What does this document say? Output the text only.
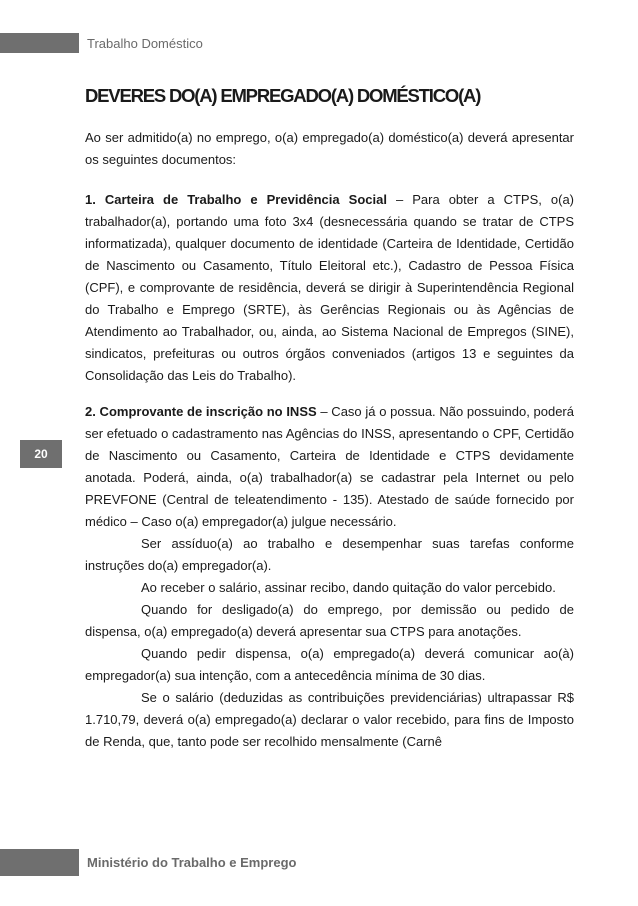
Trabalho Doméstico
20
DEVERES DO(A) EMPREGADO(A) DOMÉSTICO(A)
Ao ser admitido(a) no emprego, o(a) empregado(a) doméstico(a) deverá apresentar os seguintes documentos:

1. Carteira de Trabalho e Previdência Social – Para obter a CTPS, o(a) trabalhador(a), portando uma foto 3x4 (desnecessária quando se tratar de CTPS informatizada), qualquer documento de identidade (Carteira de Identidade, Certidão de Nascimento ou Casamento, Título Eleitoral etc.), Cadastro de Pessoa Física (CPF), e comprovante de residência, deverá se dirigir à Superintendência Regional do Trabalho e Emprego (SRTE), às Gerências Regionais ou às Agências de Atendimento ao Trabalhador, ou, ainda, ao Sistema Nacional de Empregos (SINE), sindicatos, prefeituras ou outros órgãos conveniados (artigos 13 e seguintes da Consolidação das Leis do Trabalho).

2. Comprovante de inscrição no INSS – Caso já o possua. Não possuindo, poderá ser efetuado o cadastramento nas Agências do INSS, apresentando o CPF, Certidão de Nascimento ou Casamento, Carteira de Identidade e CTPS devidamente anotada. Poderá, ainda, o(a) trabalhador(a) se cadastrar pela Internet ou pelo PREVFONE (Central de teleatendimento - 135). Atestado de saúde fornecido por médico – Caso o(a) empregador(a) julgue necessário.

Ser assíduo(a) ao trabalho e desempenhar suas tarefas conforme instruções do(a) empregador(a).

Ao receber o salário, assinar recibo, dando quitação do valor percebido.

Quando for desligado(a) do emprego, por demissão ou pedido de dispensa, o(a) empregado(a) deverá apresentar sua CTPS para anotações.

Quando pedir dispensa, o(a) empregado(a) deverá comunicar ao(à) empregador(a) sua intenção, com a antecedência mínima de 30 dias.

Se o salário (deduzidas as contribuições previdenciárias) ultrapassar R$ 1.710,79, deverá o(a) empregado(a) declarar o valor recebido, para fins de Imposto de Renda, que, tanto pode ser recolhido mensalmente (Carnê

Ministério do Trabalho e Emprego
